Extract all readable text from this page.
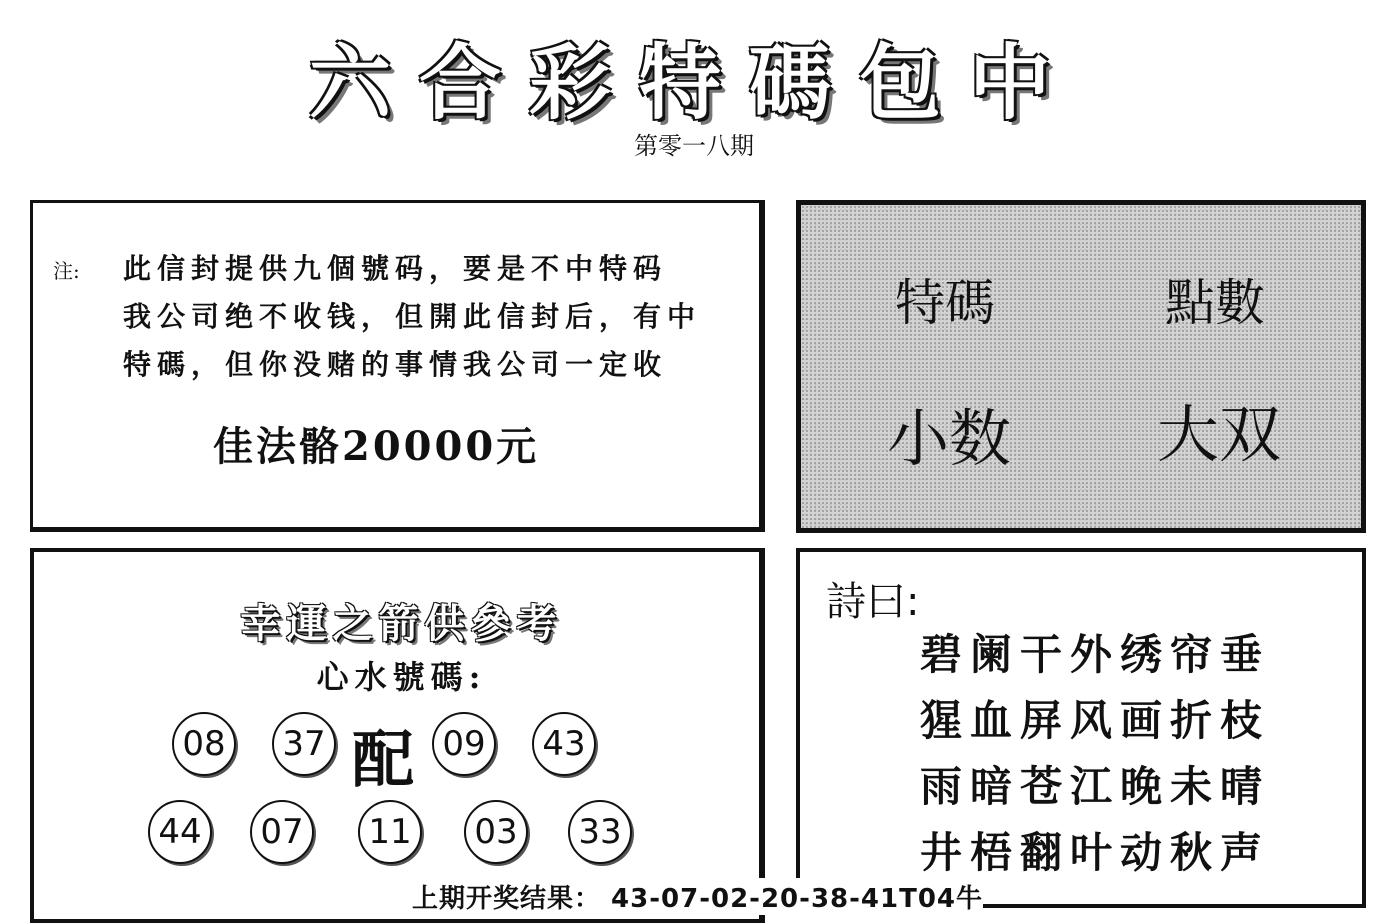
六合彩特碼包中
第零一八期
注: 此信封提供九個號码，要是不中特码
我公司绝不收钱，但開此信封后，有中
特碼，但你没赌的事情我公司一定收
佳法骼20000元
特碼	點數
小数 大双
幸運之箭供參考
心水號碼:
08	37 配 09	43
44	07	11	03	33
詩曰:
碧阑干外绣帘垂
猩血屏风画折枝
雨暗苍江晚未晴
井梧翻叶动秋声
上期开奖结果： 43-07-02-20-38-41T04牛
